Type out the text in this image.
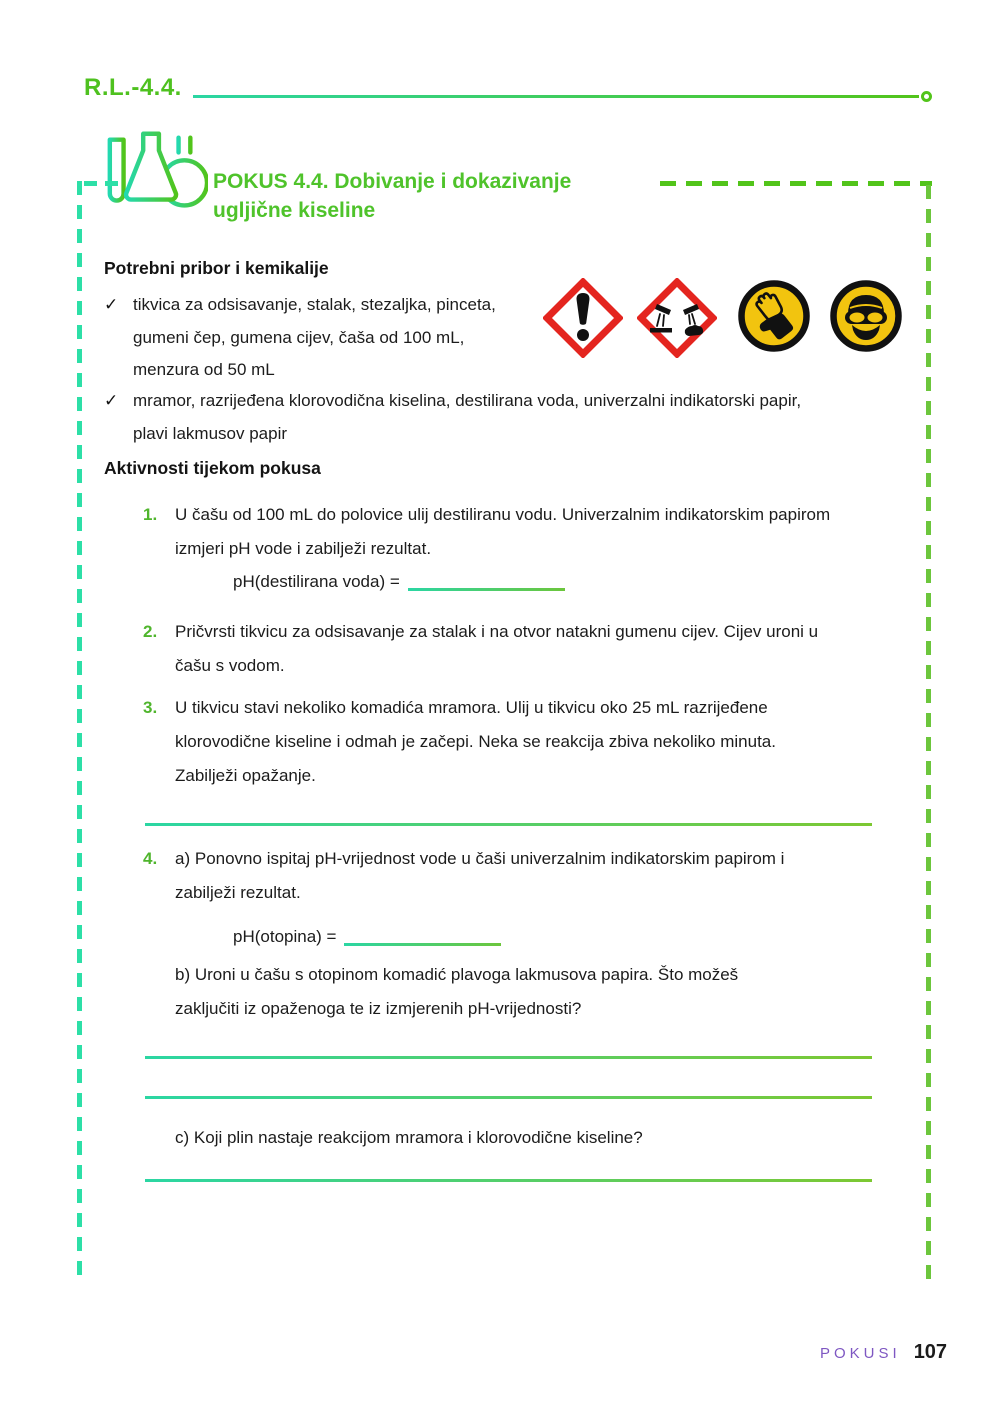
R.L.-4.4.
POKUS 4.4. Dobivanje i dokazivanje
ugljične kiseline
Potrebni pribor i kemikalije
✓ tikvica za odsisavanje, stalak, stezaljka, pinceta, gumeni čep, gumena cijev, čaša od 100 mL, menzura od 50 mL
✓ mramor, razrijeđena klorovodična kiselina, destilirana voda, univerzalni indikatorski papir, plavi lakmusov papir
Aktivnosti tijekom pokusa
1.	U čašu od 100 mL do polovice ulij destiliranu vodu. Univerzalnim indikatorskim papirom izmjeri pH vode i zabilježi rezultat.
pH(destilirana voda) =
2.	Pričvrsti tikvicu za odsisavanje za stalak i na otvor natakni gumenu cijev. Cijev uroni u čašu s vodom.
3.	U tikvicu stavi nekoliko komadića mramora. Ulij u tikvicu oko 25 mL razrijeđene klorovodične kiseline i odmah je začepi. Neka se reakcija zbiva nekoliko minuta. Zabilježi opažanje.
4.	a) Ponovno ispitaj pH-vrijednost vode u čaši univerzalnim indikatorskim papirom i zabilježi rezultat.
pH(otopina) =
b) Uroni u čašu s otopinom komadić plavoga lakmusova papira. Što možeš zaključiti iz opaženoga te iz izmjerenih pH-vrijednosti?
c) Koji plin nastaje reakcijom mramora i klorovodične kiseline?
POKUSI 107
